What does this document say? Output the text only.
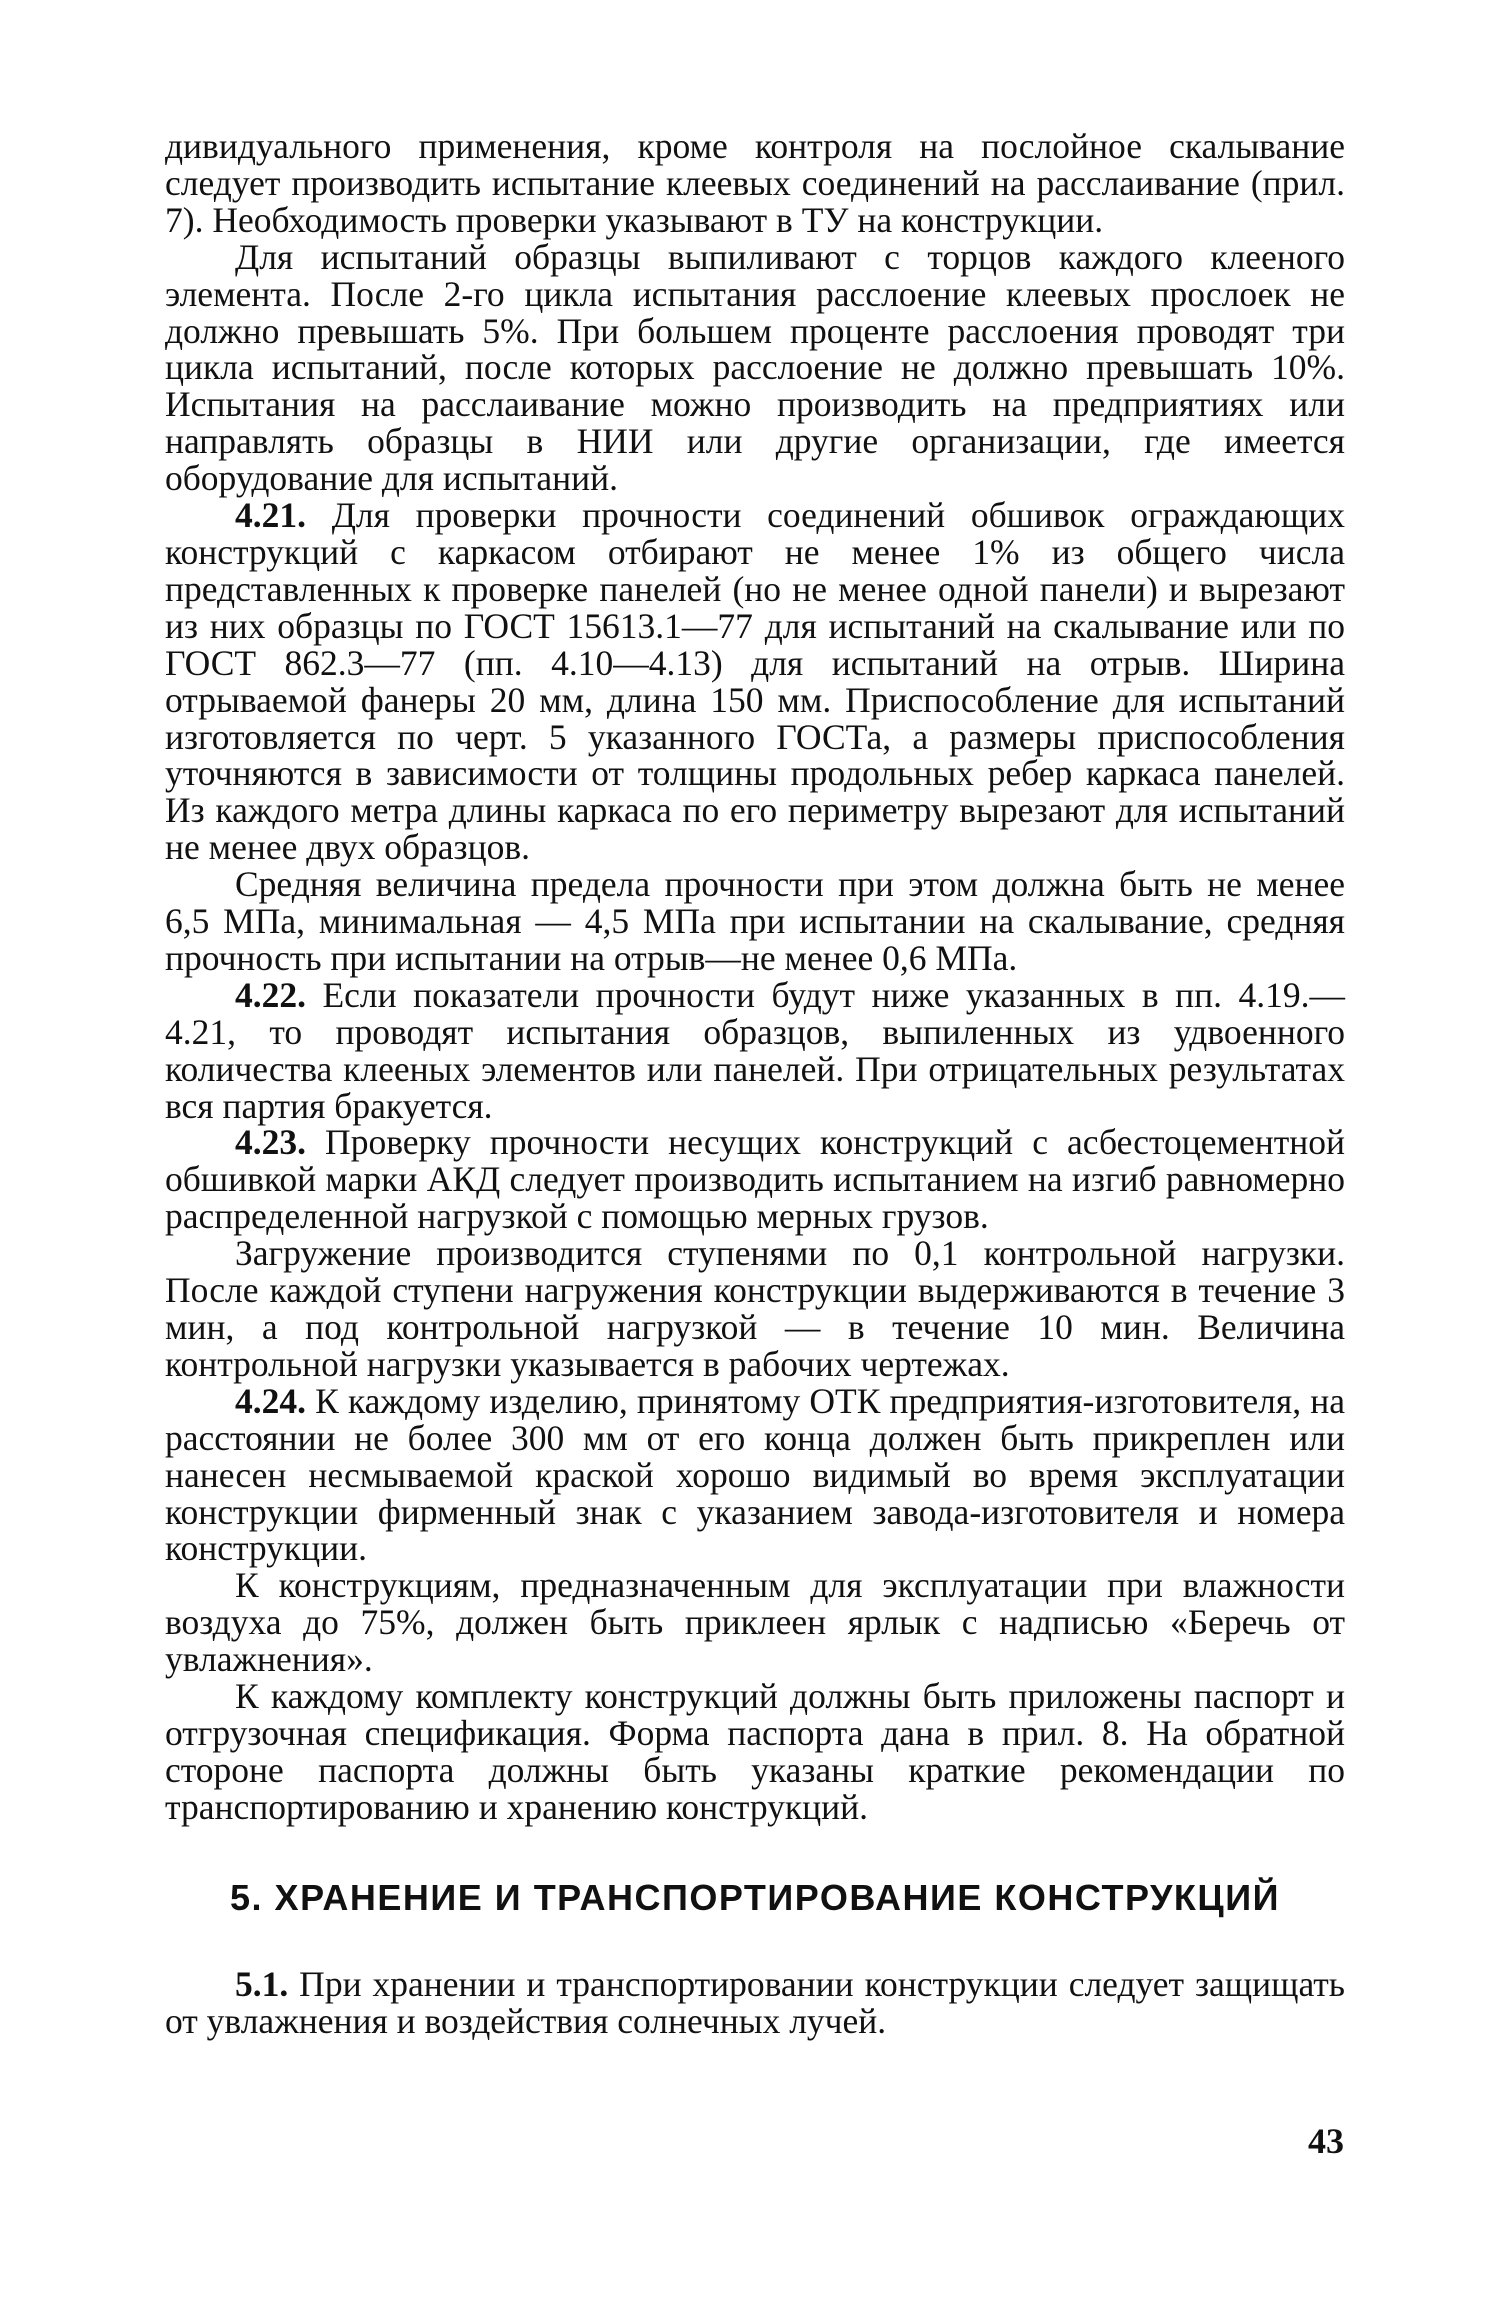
дивидуального применения, кроме контроля на послойное скалывание следует производить испытание клеевых соединений на расслаивание (прил. 7). Необходимость проверки указывают в ТУ на конструкции.

Для испытаний образцы выпиливают с торцов каждого клееного элемента. После 2-го цикла испытания расслоение клеевых прослоек не должно превышать 5%. При большем проценте расслоения проводят три цикла испытаний, после которых расслоение не должно превышать 10%. Испытания на расслаивание можно производить на предприятиях или направлять образцы в НИИ или другие организации, где имеется оборудование для испытаний.

4.21. Для проверки прочности соединений обшивок ограждающих конструкций с каркасом отбирают не менее 1% из общего числа представленных к проверке панелей (но не менее одной панели) и вырезают из них образцы по ГОСТ 15613.1—77 для испытаний на скалывание или по ГОСТ 862.3—77 (пп. 4.10—4.13) для испытаний на отрыв. Ширина отрываемой фанеры 20 мм, длина 150 мм. Приспособление для испытаний изготовляется по черт. 5 указанного ГОСТа, а размеры приспособления уточняются в зависимости от толщины продольных ребер каркаса панелей. Из каждого метра длины каркаса по его периметру вырезают для испытаний не менее двух образцов.

Средняя величина предела прочности при этом должна быть не менее 6,5 МПа, минимальная — 4,5 МПа при испытании на скалывание, средняя прочность при испытании на отрыв—не менее 0,6 МПа.

4.22. Если показатели прочности будут ниже указанных в пп. 4.19.—4.21, то проводят испытания образцов, выпиленных из удвоенного количества клееных элементов или панелей. При отрицательных результатах вся партия бракуется.

4.23. Проверку прочности несущих конструкций с асбестоцементной обшивкой марки АКД следует производить испытанием на изгиб равномерно распределенной нагрузкой с помощью мерных грузов.

Загружение производится ступенями по 0,1 контрольной нагрузки. После каждой ступени нагружения конструкции выдерживаются в течение 3 мин, а под контрольной нагрузкой — в течение 10 мин. Величина контрольной нагрузки указывается в рабочих чертежах.

4.24. К каждому изделию, принятому ОТК предприятия-изготовителя, на расстоянии не более 300 мм от его конца должен быть прикреплен или нанесен несмываемой краской хорошо видимый во время эксплуатации конструкции фирменный знак с указанием завода-изготовителя и номера конструкции.

К конструкциям, предназначенным для эксплуатации при влажности воздуха до 75%, должен быть приклеен ярлык с надписью «Беречь от увлажнения».

К каждому комплекту конструкций должны быть приложены паспорт и отгрузочная спецификация. Форма паспорта дана в прил. 8. На обратной стороне паспорта должны быть указаны краткие рекомендации по транспортированию и хранению конструкций.

5. ХРАНЕНИЕ И ТРАНСПОРТИРОВАНИЕ КОНСТРУКЦИЙ

5.1. При хранении и транспортировании конструкции следует защищать от увлажнения и воздействия солнечных лучей.

43
